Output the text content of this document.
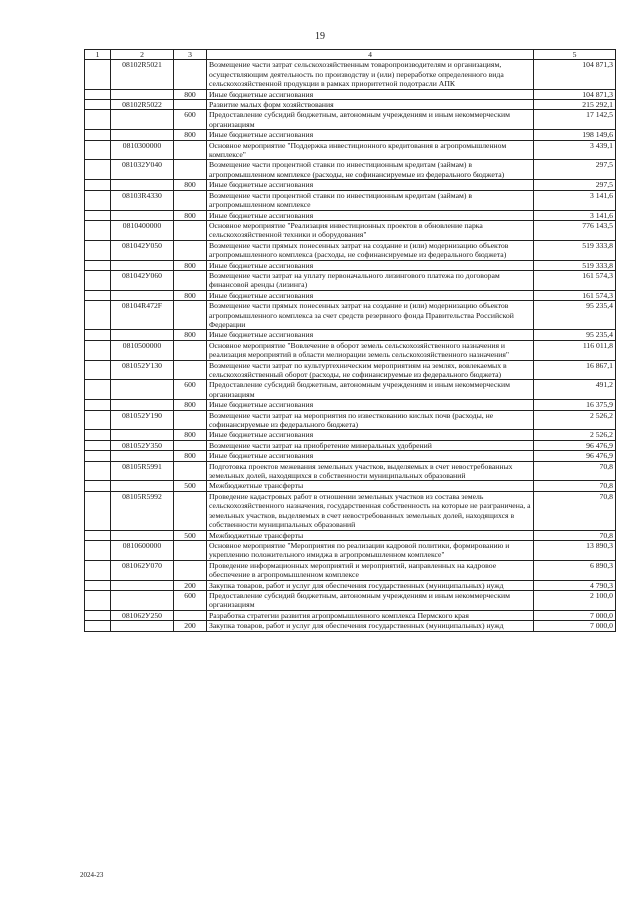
19
1	2	3	4	5
	08102R5021		Возмещение части затрат сельскохозяйственным товаропроизводителям и организациям, осуществляющим деятельность по производству и (или) переработке определенного вида сельскохозяйственной продукции в рамках приоритетной подотрасли АПК	104 871,3
		800	Иные бюджетные ассигнования	104 871,3
	08102R5022		Развитие малых форм хозяйствования	215 292,1
		600	Предоставление субсидий бюджетным, автономным учреждениям и иным некоммерческим организациям	17 142,5
		800	Иные бюджетные ассигнования	198 149,6
	0810300000		Основное мероприятие "Поддержка инвестиционного кредитования в агропромышленном комплексе"	3 439,1
	081032У040		Возмещение части процентной ставки по инвестиционным кредитам (займам) в агропромышленном комплексе (расходы, не софинансируемые из федерального бюджета)	297,5
		800	Иные бюджетные ассигнования	297,5
	08103R4330		Возмещение части процентной ставки по инвестиционным кредитам (займам) в агропромышленном комплексе	3 141,6
		800	Иные бюджетные ассигнования	3 141,6
	0810400000		Основное мероприятие "Реализация инвестиционных проектов в обновление парка сельскохозяйственной техники и оборудования"	776 143,5
	081042У050		Возмещение части прямых понесенных затрат на создание и (или) модернизацию объектов агропромышленного комплекса (расходы, не софинансируемые из федерального бюджета)	519 333,8
		800	Иные бюджетные ассигнования	519 333,8
	081042У060		Возмещение части затрат на уплату первоначального лизингового платежа по договорам финансовой аренды (лизинга)	161 574,3
		800	Иные бюджетные ассигнования	161 574,3
	08104R472F		Возмещение части прямых понесенных затрат на создание и (или) модернизацию объектов агропромышленного комплекса за счет средств резервного фонда Правительства Российской Федерации	95 235,4
		800	Иные бюджетные ассигнования	95 235,4
	0810500000		Основное мероприятие "Вовлечение в оборот земель сельскохозяйственного назначения и реализация мероприятий в области мелиорации земель сельскохозяйственного назначения"	116 011,8
	081052У130		Возмещение части затрат по культуртехническим мероприятиям на землях, вовлекаемых в сельскохозяйственный оборот (расходы, не софинансируемые из федерального бюджета)	16 867,1
		600	Предоставление субсидий бюджетным, автономным учреждениям и иным некоммерческим организациям	491,2
		800	Иные бюджетные ассигнования	16 375,9
	081052У190		Возмещение части затрат на мероприятия по известкованию кислых почв (расходы, не софинансируемые из федерального бюджета)	2 526,2
		800	Иные бюджетные ассигнования	2 526,2
	081052У350		Возмещение части затрат на приобретение минеральных удобрений	96 476,9
		800	Иные бюджетные ассигнования	96 476,9
	08105R5991		Подготовка проектов межевания земельных участков, выделяемых в счет невостребованных земельных долей, находящихся в собственности муниципальных образований	70,8
		500	Межбюджетные трансферты	70,8
	08105R5992		Проведение кадастровых работ в отношении земельных участков из состава земель сельскохозяйственного назначения, государственная собственность на которые не разграничена, а земельных участков, выделяемых в счет невостребованных земельных долей, находящихся в собственности муниципальных образований	70,8
		500	Межбюджетные трансферты	70,8
	0810600000		Основное мероприятие "Мероприятия по реализации кадровой политики, формированию и укреплению положительного имиджа в агропромышленном комплексе"	13 890,3
	081062У070		Проведение информационных мероприятий и мероприятий, направленных на кадровое обеспечение в агропромышленном комплексе	6 890,3
		200	Закупка товаров, работ и услуг для обеспечения государственных (муниципальных) нужд	4 790,3
		600	Предоставление субсидий бюджетным, автономным учреждениям и иным некоммерческим организациям	2 100,0
	081062У250		Разработка стратегии развития агропромышленного комплекса Пермского края	7 000,0
		200	Закупка товаров, работ и услуг для обеспечения государственных (муниципальных) нужд	7 000,0
2024-23
